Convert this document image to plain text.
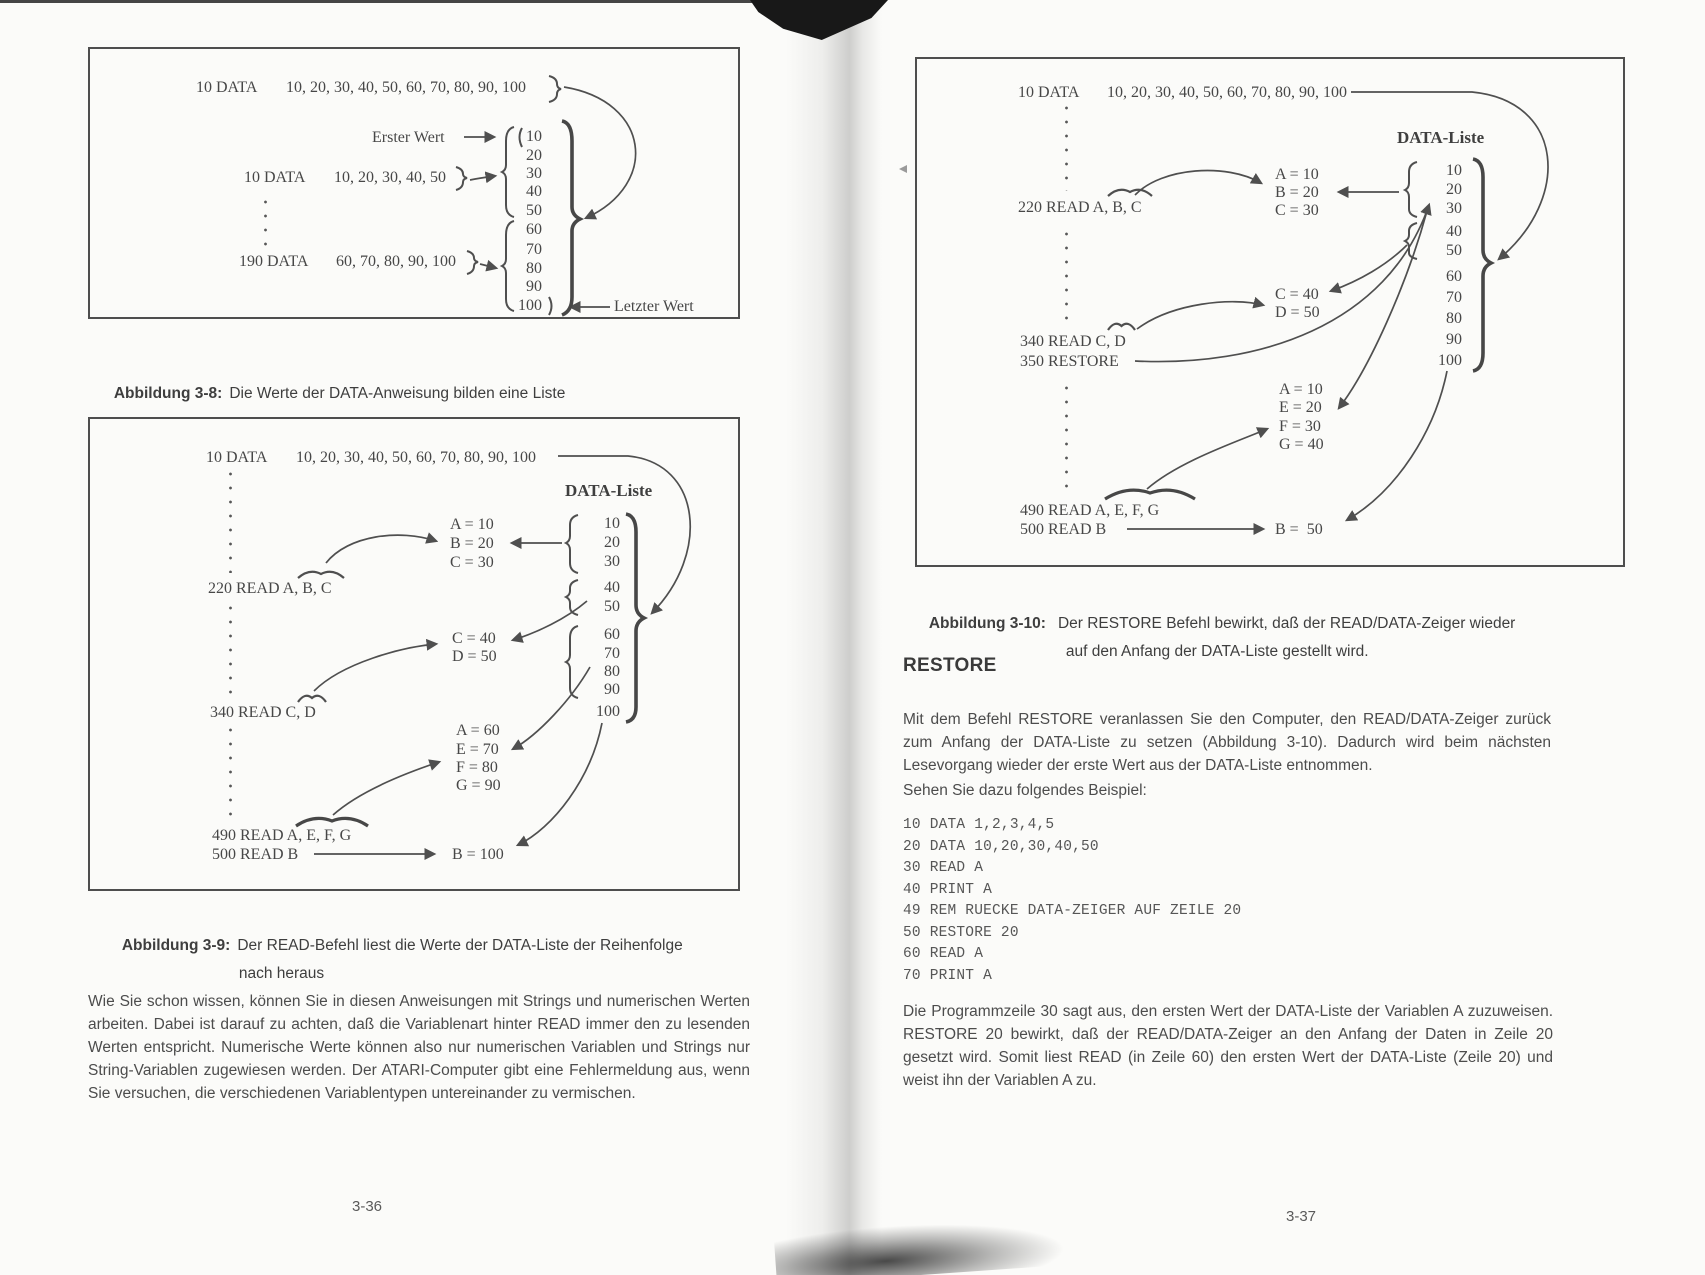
10 DATA 10, 20, 30, 40, 50, 60, 70, 80, 90, 100
Erster Wert
10 DATA 10, 20, 30, 40, 50
190 DATA 60, 70, 80, 90, 100
Letzter Wert
10
20
30
40
50
60
70
80
90
100

Abbildung 3-8: Die Werte der DATA-Anweisung bilden eine Liste

10 DATA 10, 20, 30, 40, 50, 60, 70, 80, 90, 100
DATA-Liste
220 READ A, B, C
340 READ C, D
490 READ A, E, F, G
500 READ B
A = 10
B = 20
C = 30
C = 40
D = 50
A = 60
E = 70
F = 80
G = 90
B = 100
10
20
30
40
50
60
70
80
90
100

Abbildung 3-9: Der READ-Befehl liest die Werte der DATA-Liste der Reihenfolge

nach heraus

Wie Sie schon wissen, können Sie in diesen Anweisungen mit Strings und numerischen Werten arbeiten. Dabei ist darauf zu achten, daß die Variablenart hinter READ immer den zu lesenden Werten entspricht. Numerische Werte können also nur numerischen Variablen und Strings nur String-Variablen zugewiesen werden. Der ATARI-Computer gibt eine Fehlermeldung aus, wenn Sie versuchen, die verschiedenen Variablentypen untereinander zu vermischen.
3-36
10 DATA 10, 20, 30, 40, 50, 60, 70, 80, 90, 100
DATA-Liste
220 READ A, B, C
340 READ C, D
350 RESTORE
490 READ A, E, F, G
500 READ B
A = 10
B = 20
C = 30
C = 40
D = 50
A = 10
E = 20
F = 30
G = 40
B =  50
10
20
30
40
50
60
70
80
90
100

Abbildung 3-10: Der RESTORE Befehl bewirkt, daß der READ/DATA-Zeiger wieder

auf den Anfang der DATA-Liste gestellt wird.

RESTORE
Mit dem Befehl RESTORE veranlassen Sie den Computer, den READ/DATA-Zeiger zurück zum Anfang der DATA-Liste zu setzen (Abbildung 3-10). Dadurch wird beim nächsten Lesevorgang wieder der erste Wert aus der DATA-Liste entnommen.
Sehen Sie dazu folgendes Beispiel:
10 DATA 1,2,3,4,5
20 DATA 10,20,30,40,50
30 READ A
40 PRINT A
49 REM RUECKE DATA-ZEIGER AUF ZEILE 20
50 RESTORE 20
60 READ A
70 PRINT A
Die Programmzeile 30 sagt aus, den ersten Wert der DATA-Liste der Variablen A zuzuweisen. RESTORE 20 bewirkt, daß der READ/DATA-Zeiger an den Anfang der Daten in Zeile 20 gesetzt wird. Somit liest READ (in Zeile 60) den ersten Wert der DATA-Liste (Zeile 20) und weist ihn der Variablen A zu.
3-37
